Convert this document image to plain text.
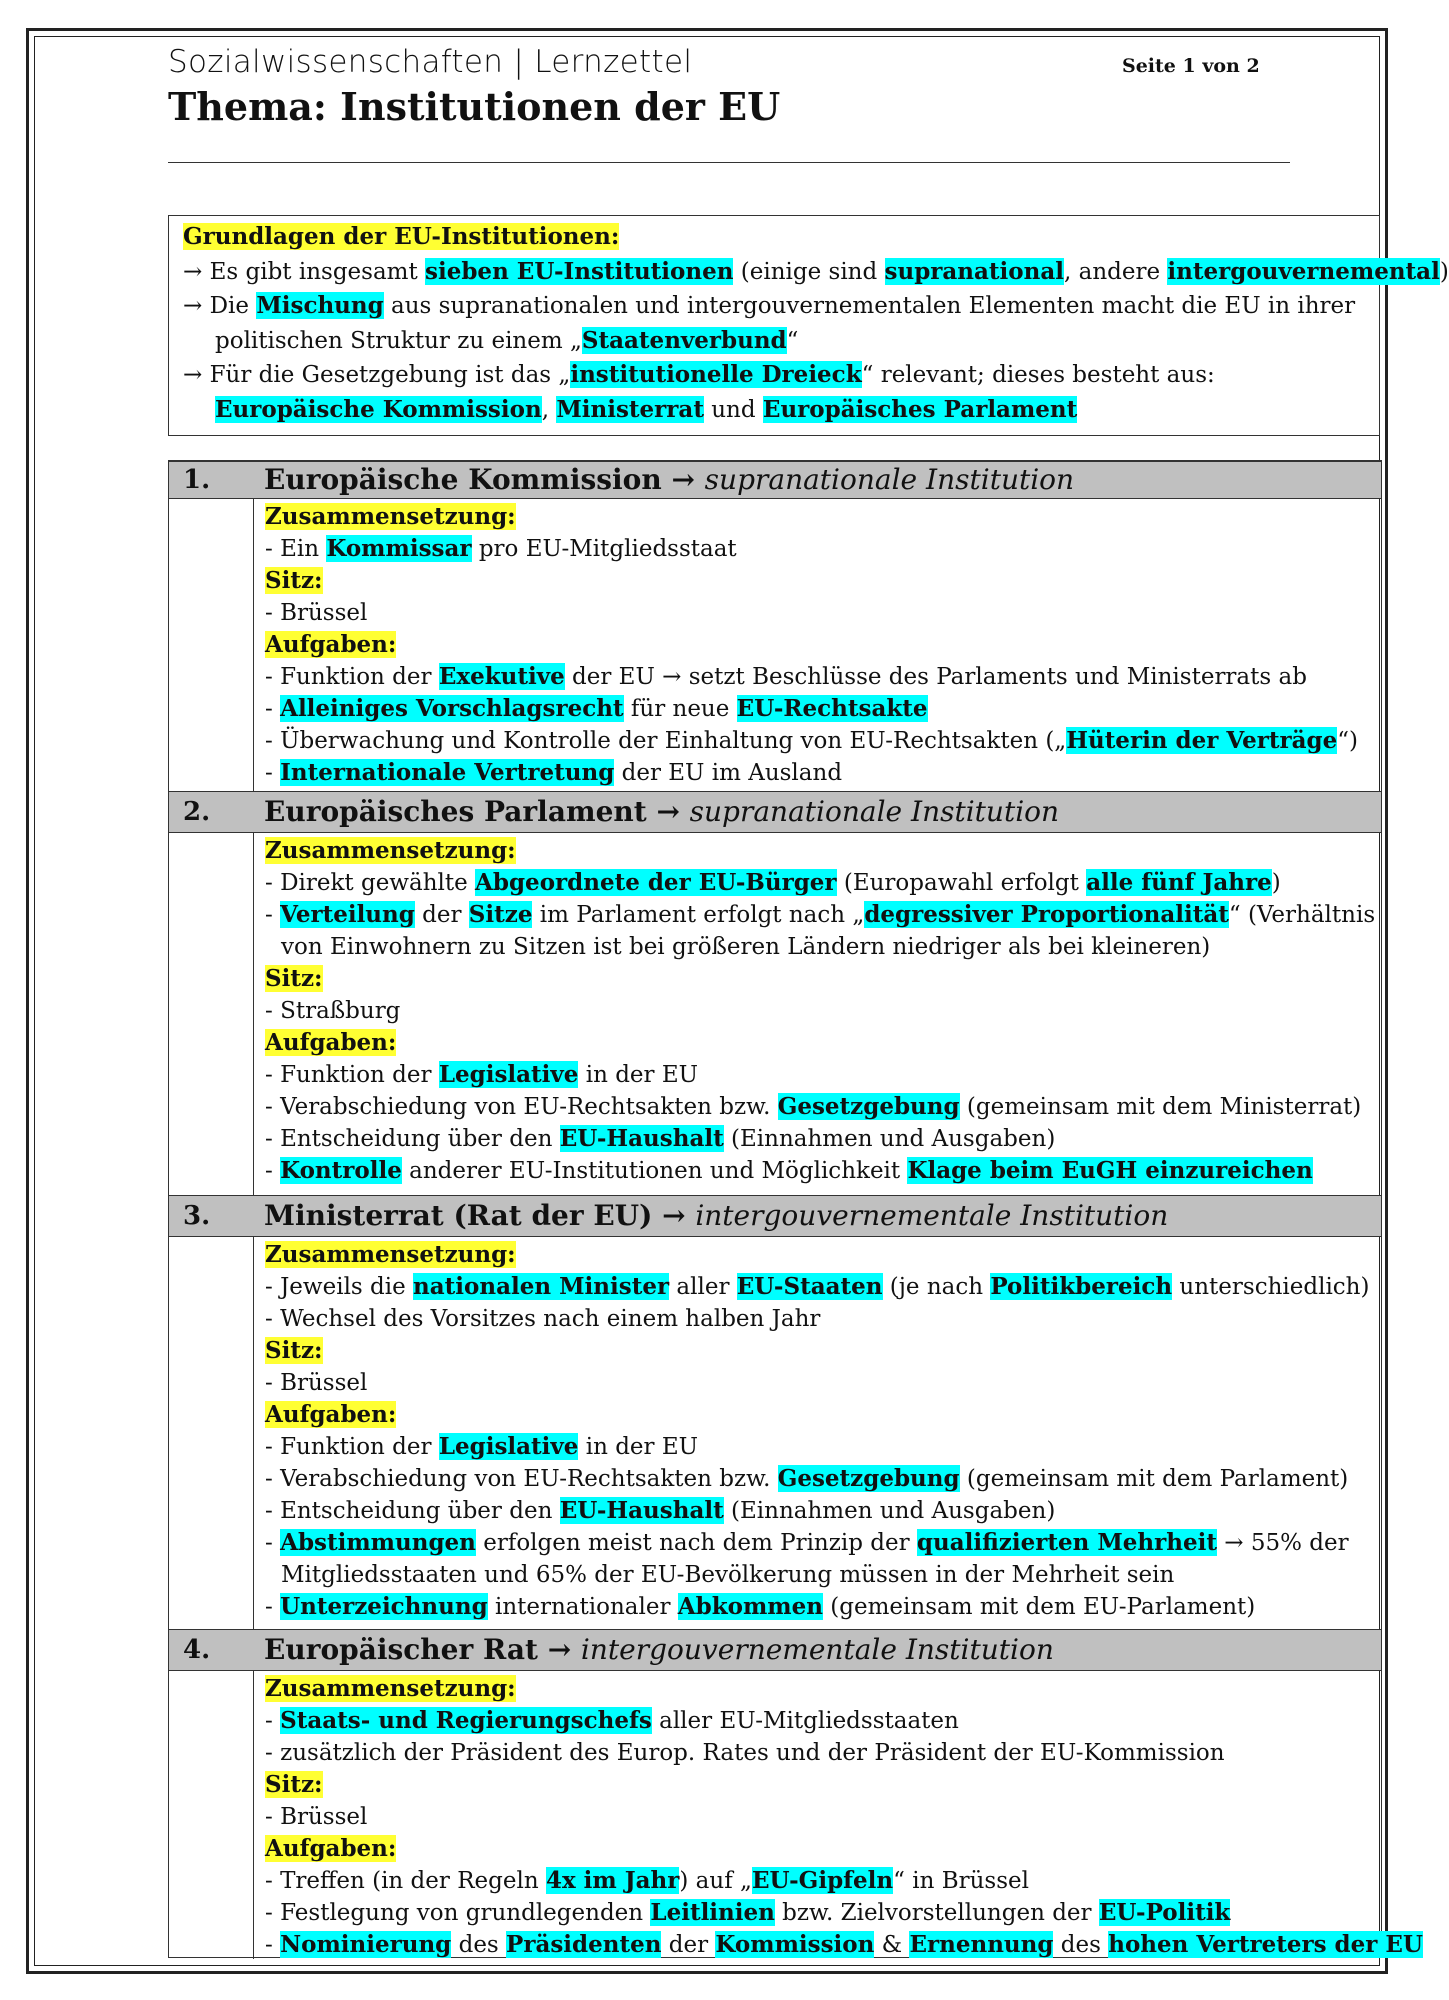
Sozialwissenschaften | Lernzettel	Seite 1 von 2
Thema: Institutionen der EU

Grundlagen der EU-Institutionen:

→ Es gibt insgesamt sieben EU-Institutionen (einige sind supranational, andere intergouvernemental)

→ Die Mischung aus supranationalen und intergouvernementalen Elementen macht die EU in ihrer

politischen Struktur zu einem „Staatenverbund“

→ Für die Gesetzgebung ist das „institutionelle Dreieck“ relevant; dieses besteht aus:

Europäische Kommission, Ministerrat und Europäisches Parlament

1. Europäische Kommission → supranationale Institution

Zusammensetzung:

- Ein Kommissar pro EU-Mitgliedsstaat

Sitz:

- Brüssel

Aufgaben:

- Funktion der Exekutive der EU → setzt Beschlüsse des Parlaments und Ministerrats ab

- Alleiniges Vorschlagsrecht für neue EU-Rechtsakte

- Überwachung und Kontrolle der Einhaltung von EU-Rechtsakten („Hüterin der Verträge“)

- Internationale Vertretung der EU im Ausland

2. Europäisches Parlament → supranationale Institution

Zusammensetzung:

- Direkt gewählte Abgeordnete der EU-Bürger (Europawahl erfolgt alle fünf Jahre)

- Verteilung der Sitze im Parlament erfolgt nach „degressiver Proportionalität“ (Verhältnis

von Einwohnern zu Sitzen ist bei größeren Ländern niedriger als bei kleineren)

Sitz:

- Straßburg

Aufgaben:

- Funktion der Legislative in der EU

- Verabschiedung von EU-Rechtsakten bzw. Gesetzgebung (gemeinsam mit dem Ministerrat)

- Entscheidung über den EU-Haushalt (Einnahmen und Ausgaben)

- Kontrolle anderer EU-Institutionen und Möglichkeit Klage beim EuGH einzureichen

3. Ministerrat (Rat der EU) → intergouvernementale Institution

Zusammensetzung:

- Jeweils die nationalen Minister aller EU-Staaten (je nach Politikbereich unterschiedlich)

- Wechsel des Vorsitzes nach einem halben Jahr

Sitz:

- Brüssel

Aufgaben:

- Funktion der Legislative in der EU

- Verabschiedung von EU-Rechtsakten bzw. Gesetzgebung (gemeinsam mit dem Parlament)

- Entscheidung über den EU-Haushalt (Einnahmen und Ausgaben)

- Abstimmungen erfolgen meist nach dem Prinzip der qualifizierten Mehrheit → 55% der

Mitgliedsstaaten und 65% der EU-Bevölkerung müssen in der Mehrheit sein

- Unterzeichnung internationaler Abkommen (gemeinsam mit dem EU-Parlament)

4. Europäischer Rat → intergouvernementale Institution

Zusammensetzung:

- Staats- und Regierungschefs aller EU-Mitgliedsstaaten

- zusätzlich der Präsident des Europ. Rates und der Präsident der EU-Kommission

Sitz:

- Brüssel

Aufgaben:

- Treffen (in der Regeln 4x im Jahr) auf „EU-Gipfeln“ in Brüssel

- Festlegung von grundlegenden Leitlinien bzw. Zielvorstellungen der EU-Politik

- Nominierung des Präsidenten der Kommission & Ernennung des hohen Vertreters der EU
